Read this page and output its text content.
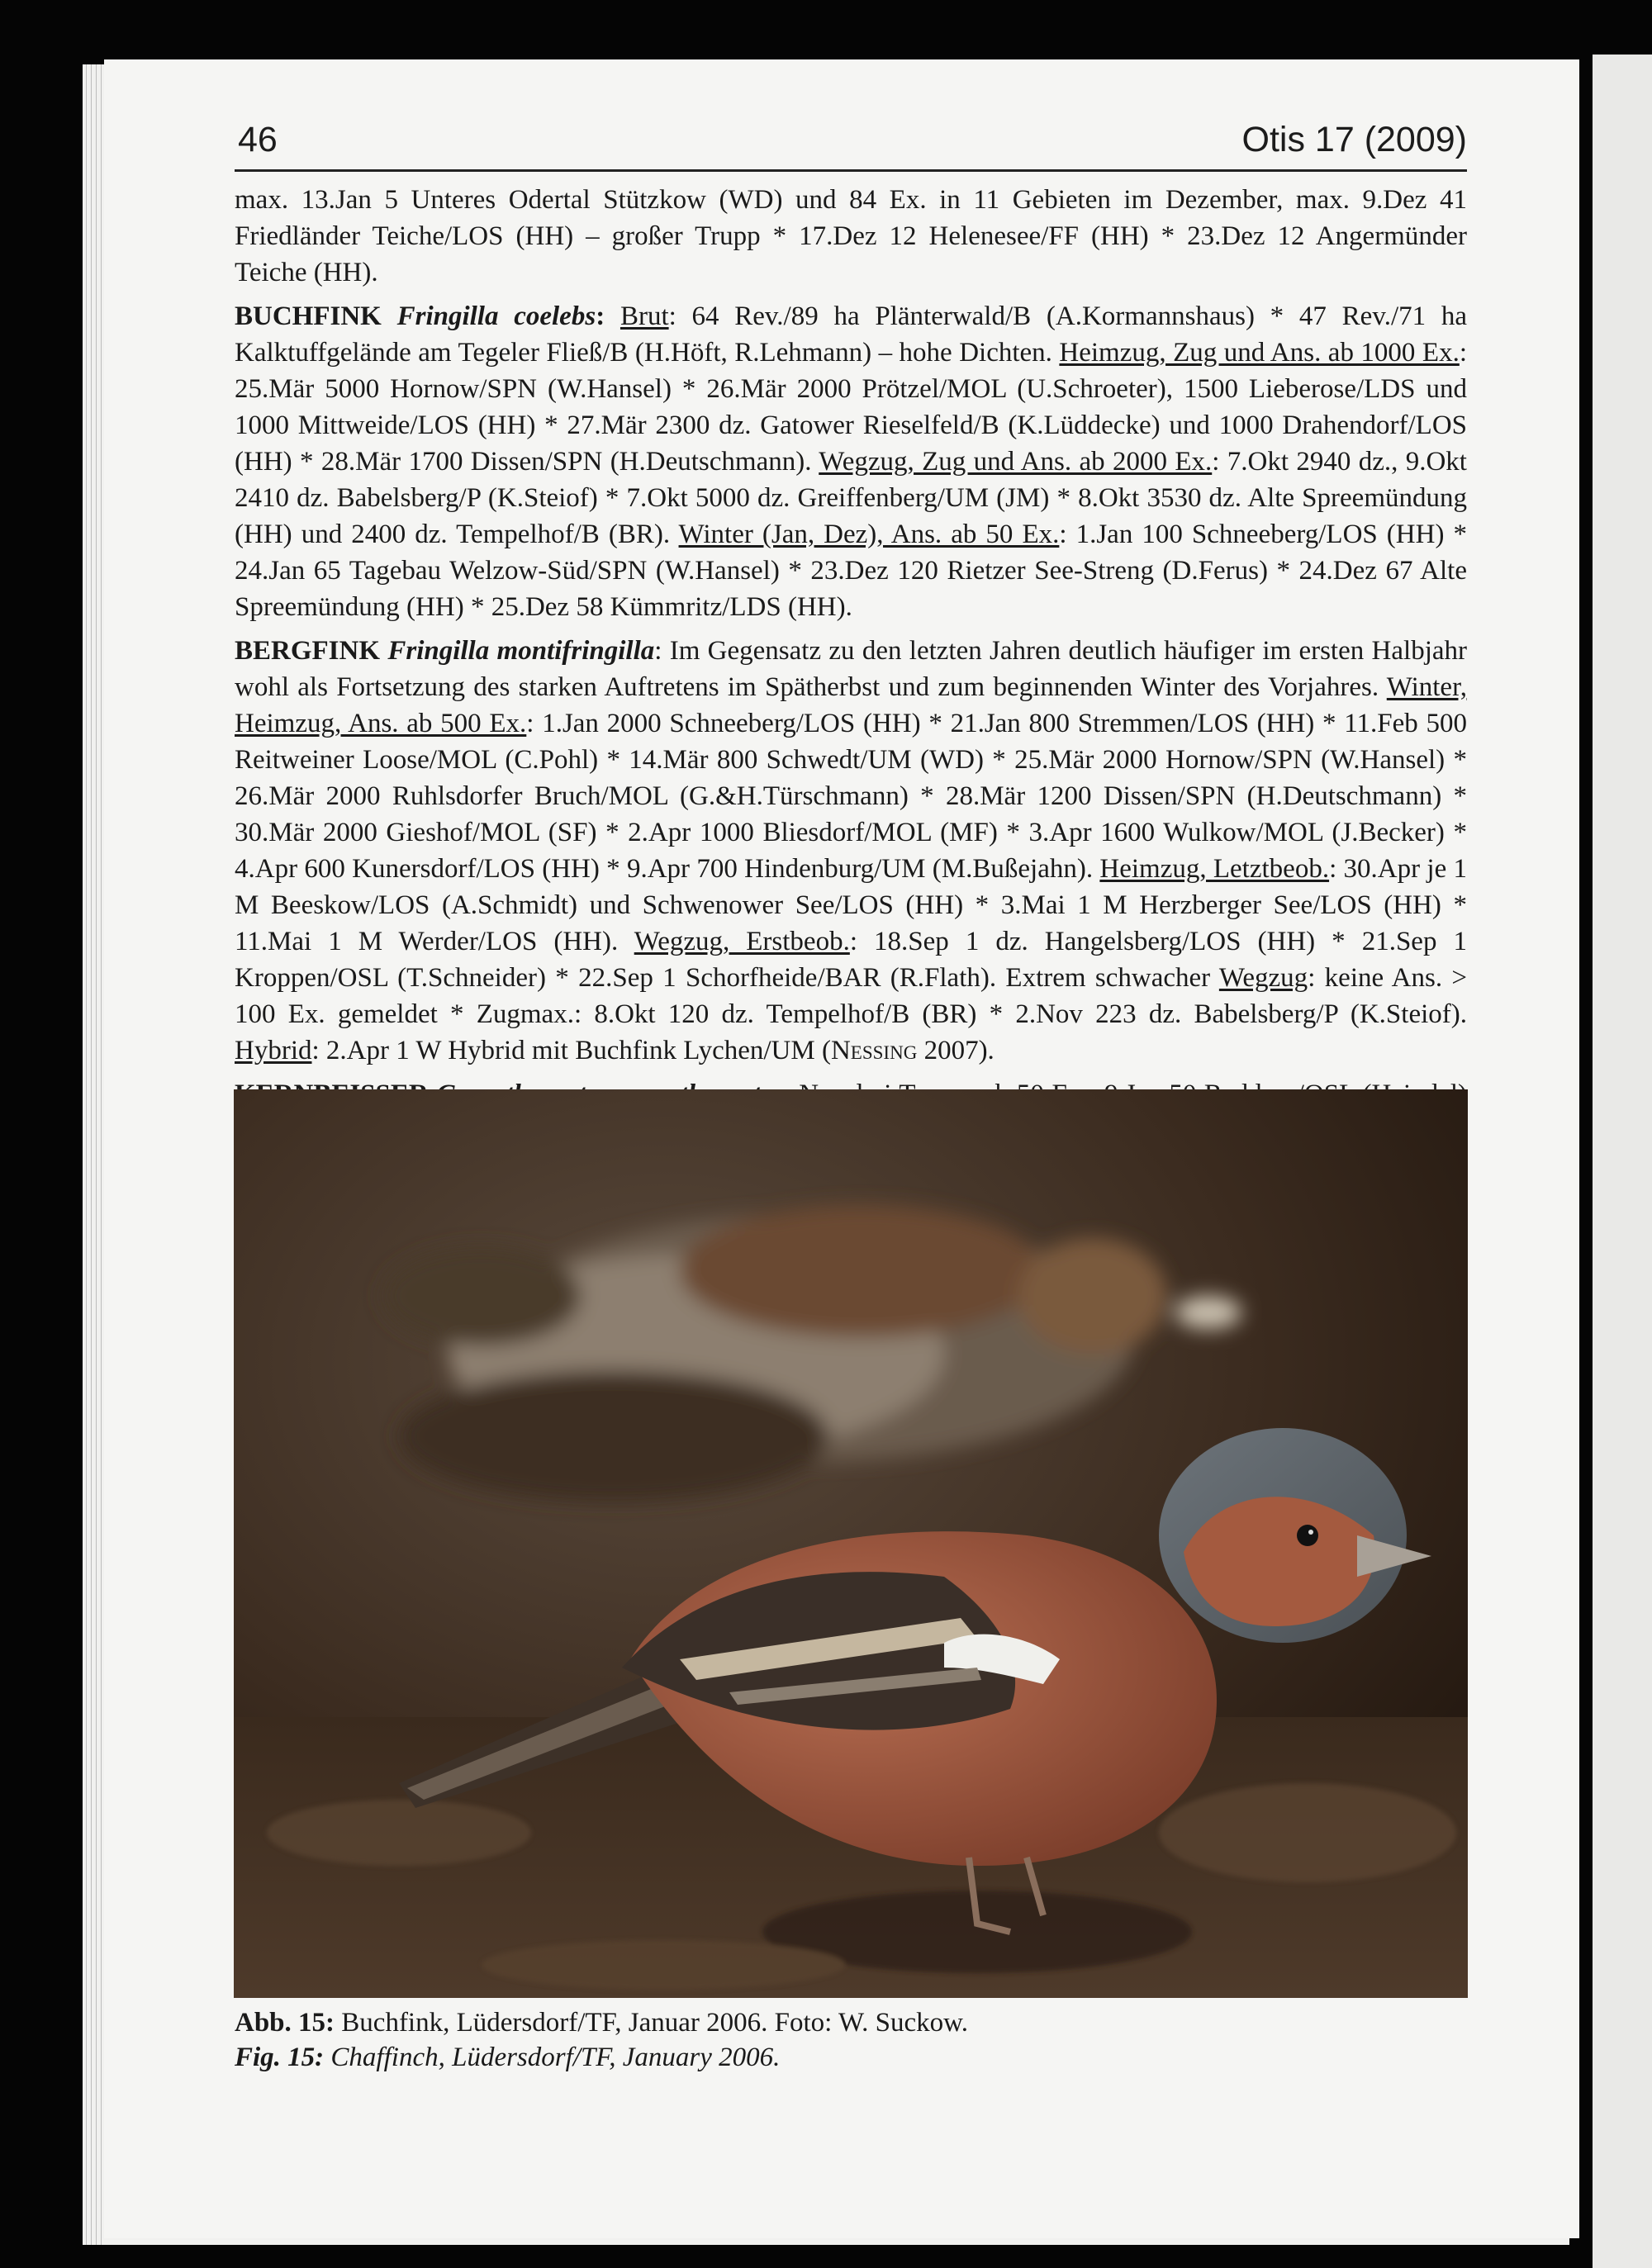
46	Otis 17 (2009)

max. 13.Jan 5 Unteres Odertal Stützkow (WD) und 84 Ex. in 11 Gebieten im Dezember, max. 9.Dez 41 Friedländer Teiche/LOS (HH) – großer Trupp * 17.Dez 12 Helenesee/FF (HH) * 23.Dez 12 Angermünder Teiche (HH).

BUCHFINK Fringilla coelebs: Brut: 64 Rev./89 ha Plänterwald/B (A.Kormannshaus) * 47 Rev./71 ha Kalktuffgelände am Tegeler Fließ/B (H.Höft, R.Lehmann) – hohe Dichten. Heimzug, Zug und Ans. ab 1000 Ex.: 25.Mär 5000 Hornow/SPN (W.Hansel) * 26.Mär 2000 Prötzel/MOL (U.Schroeter), 1500 Lieberose/LDS und 1000 Mittweide/LOS (HH) * 27.Mär 2300 dz. Gatower Rieselfeld/B (K.Lüddecke) und 1000 Drahendorf/LOS (HH) * 28.Mär 1700 Dissen/SPN (H.Deutschmann). Wegzug, Zug und Ans. ab 2000 Ex.: 7.Okt 2940 dz., 9.Okt 2410 dz. Babelsberg/P (K.Steiof) * 7.Okt 5000 dz. Greiffenberg/UM (JM) * 8.Okt 3530 dz. Alte Spreemündung (HH) und 2400 dz. Tempelhof/B (BR). Winter (Jan, Dez), Ans. ab 50 Ex.: 1.Jan 100 Schneeberg/LOS (HH) * 24.Jan 65 Tagebau Welzow-Süd/SPN (W.Hansel) * 23.Dez 120 Rietzer See-Streng (D.Ferus) * 24.Dez 67 Alte Spreemündung (HH) * 25.Dez 58 Kümmritz/LDS (HH).

BERGFINK Fringilla montifringilla: Im Gegensatz zu den letzten Jahren deutlich häufiger im ersten Halbjahr wohl als Fortsetzung des starken Auftretens im Spätherbst und zum beginnenden Winter des Vorjahres. Winter, Heimzug, Ans. ab 500 Ex.: 1.Jan 2000 Schneeberg/LOS (HH) * 21.Jan 800 Stremmen/LOS (HH) * 11.Feb 500 Reitweiner Loose/MOL (C.Pohl) * 14.Mär 800 Schwedt/UM (WD) * 25.Mär 2000 Hornow/SPN (W.Hansel) * 26.Mär 2000 Ruhlsdorfer Bruch/MOL (G.&H.Türschmann) * 28.Mär 1200 Dissen/SPN (H.Deutschmann) * 30.Mär 2000 Gieshof/MOL (SF) * 2.Apr 1000 Bliesdorf/MOL (MF) * 3.Apr 1600 Wulkow/MOL (J.Becker) * 4.Apr 600 Kunersdorf/LOS (HH) * 9.Apr 700 Hindenburg/UM (M.Bußejahn). Heimzug, Letztbeob.: 30.Apr je 1 M Beeskow/LOS (A.Schmidt) und Schwenower See/LOS (HH) * 3.Mai 1 M Herzberger See/LOS (HH) * 11.Mai 1 M Werder/LOS (HH). Wegzug, Erstbeob.: 18.Sep 1 dz. Hangelsberg/LOS (HH) * 21.Sep 1 Kroppen/OSL (T.Schneider) * 22.Sep 1 Schorfheide/BAR (R.Flath). Extrem schwacher Wegzug: keine Ans. > 100 Ex. gemeldet * Zugmax.: 8.Okt 120 dz. Tempelhof/B (BR) * 2.Nov 223 dz. Babelsberg/P (K.Steiof). Hybrid: 2.Apr 1 W Hybrid mit Buchfink Lychen/UM (Nessing 2007).

Abb. 15: Buchfink, Lüdersdorf/TF, Januar 2006. Foto: W. Suckow.
Fig. 15: Chaffinch, Lüdersdorf/TF, January 2006.
